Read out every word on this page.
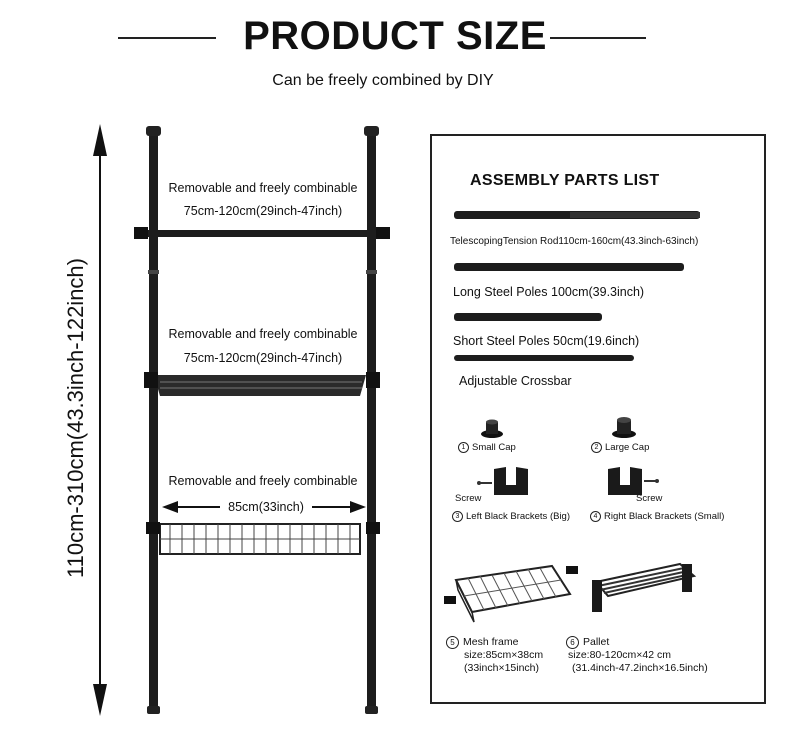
PRODUCT SIZE
Can be freely combined by DIY
110cm-310cm(43.3inch-122inch)
Removable and freely combinable
75cm-120cm(29inch-47inch)
Removable and freely combinable
75cm-120cm(29inch-47inch)
Removable and freely combinable
85cm(33inch)
ASSEMBLY PARTS LIST
TelescopingTension Rod110cm-160cm(43.3inch-63inch)
Long Steel Poles 100cm(39.3inch)
Short Steel Poles 50cm(19.6inch)
Adjustable Crossbar
1 Small Cap	2 Large Cap
Screw	Screw
3 Left Black Brackets (Big)	4 Right Black Brackets (Small)
5 Mesh frame
size:85cm×38cm
(33inch×15inch)
6 Pallet
size:80-120cm×42 cm
(31.4inch-47.2inch×16.5inch)
